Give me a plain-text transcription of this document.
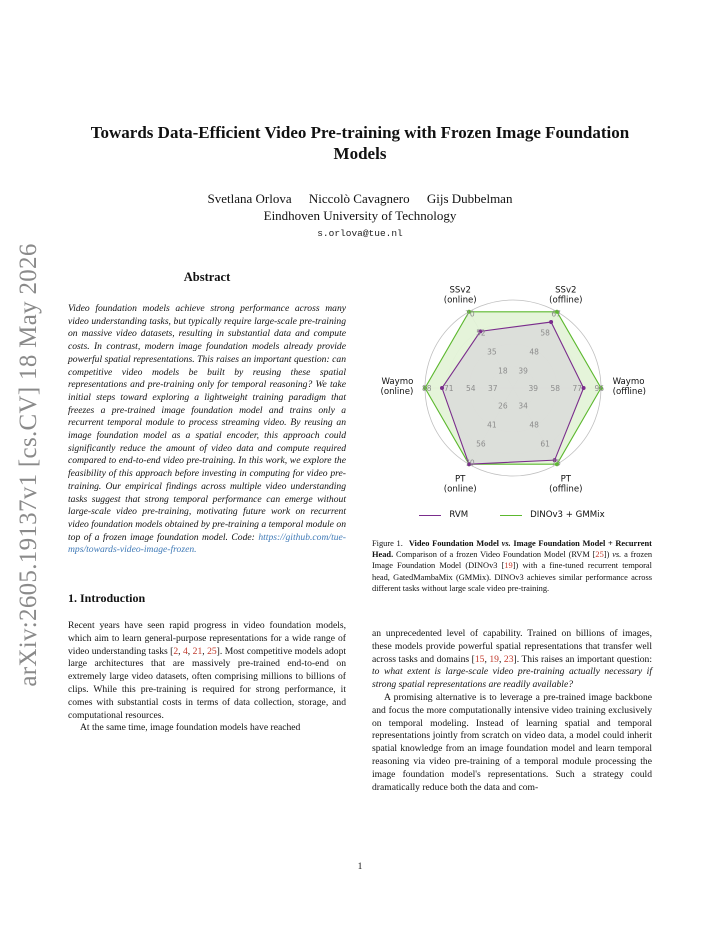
arXiv:2605.19137v1 [cs.CV] 18 May 2026
Towards Data-Efficient Video Pre-training with Frozen Image Foundation Models
Svetlana Orlova Niccolò Cavagnero Gijs Dubbelman
Eindhoven University of Technology
s.orlova@tue.nl
Abstract

Video foundation models achieve strong performance across many video understanding tasks, but typically require large-scale pre-training on massive video datasets, resulting in substantial data and compute costs. In contrast, modern image foundation models already provide powerful spatial representations. This raises an important question: can competitive video models be built by reusing these spatial representations and pre-training only for temporal reasoning? We take initial steps toward exploring a lightweight training paradigm that freezes a pre-trained image foundation model and trains only a recurrent temporal module to process streaming video. By reusing an image foundation model as a spatial encoder, this approach could significantly reduce the amount of video data and compute required compared to end-to-end video pre-training. In this work, we explore the feasibility of this approach before investing in computing for video pre-training. Our empirical findings across multiple video understanding tasks suggest that strong temporal performance can emerge without large-scale video pre-training, motivating future work on recurrent video foundation models obtained by pre-training a temporal module on top of a frozen image foundation model. Code: https://github.com/tue-mps/towards-video-image-frozen.

1. Introduction

Recent years have seen rapid progress in video foundation models, which aim to learn general-purpose representations for a wide range of video understanding tasks [2, 4, 21, 25]. Most competitive models adopt large architectures that are massively pre-trained end-to-end on extremely large video datasets, often comprising millions to billions of clips. While this pre-training is required for strong performance, it comes with substantial costs in terms of data collection, storage, and computational resources.

At the same time, image foundation models have reached

39
48
58
67
39 58 77 96
34
48
61
75
26
41
56
70
37
54
71
88
18
35
52
70
SSv2 (offline)
Waymo (offline)
PT (offline)
PT (online)
Waymo (online)
SSv2 (online)
RVM	DINOv3 + GMMix
Figure 1. Video Foundation Model vs. Image Foundation Model + Recurrent Head. Comparison of a frozen Video Foundation Model (RVM [25]) vs. a frozen Image Foundation Model (DINOv3 [19]) with a fine-tuned recurrent temporal head, GatedMambaMix (GMMix). DINOv3 achieves similar performance across different tasks without large scale video pre-training.

an unprecedented level of capability. Trained on billions of images, these models provide powerful spatial representations that transfer well across tasks and domains [15, 19, 23]. This raises an important question: to what extent is large-scale video pre-training actually necessary if strong spatial representations are readily available?

A promising alternative is to leverage a pre-trained image backbone and focus the more computationally intensive video training exclusively on temporal modeling. Instead of learning spatial and temporal representations jointly from scratch on video data, a model could inherit spatial knowledge from an image foundation model and learn temporal reasoning via video pre-training of a temporal module processing the image foundation model's representations. Such a strategy could dramatically reduce both the data and com-

1
